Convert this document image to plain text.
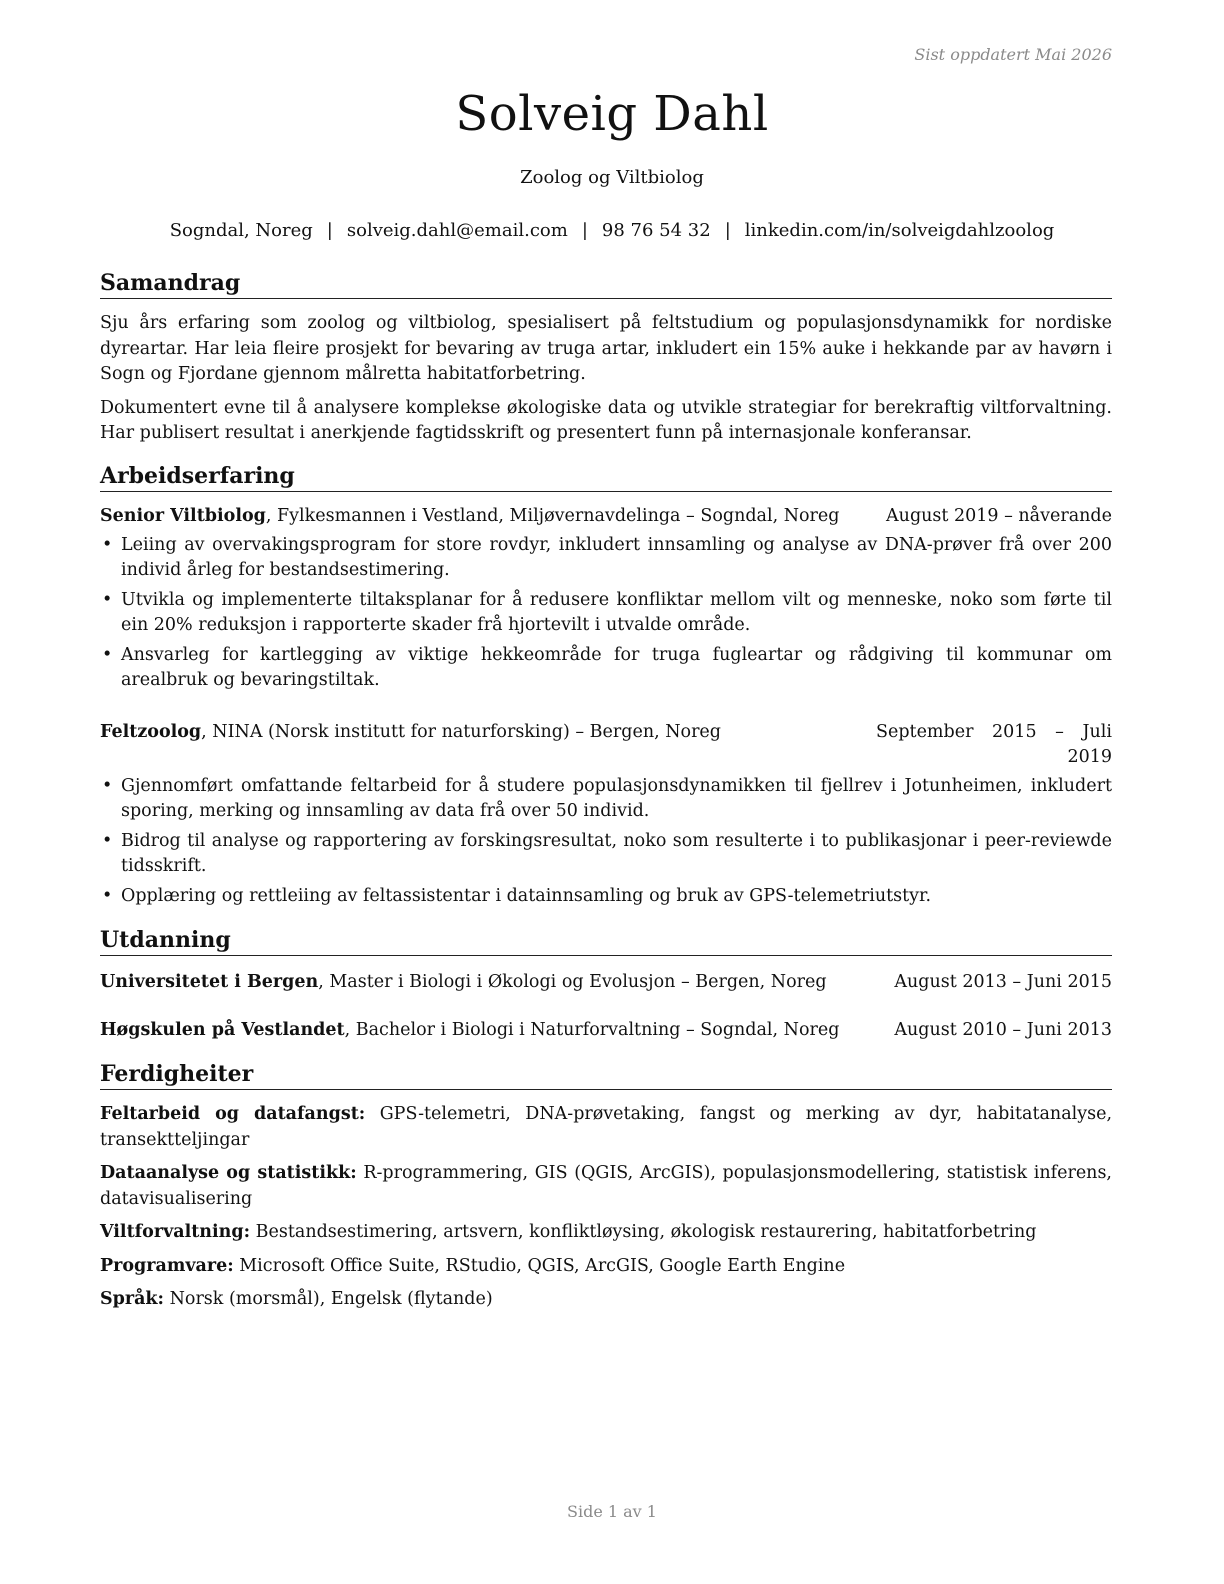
Sist oppdatert Mai 2026
Solveig Dahl
Zoolog og Viltbiolog
Sogndal, Noreg | solveig.dahl@email.com | 98 76 54 32 | linkedin.com/in/solveigdahlzoolog
Samandrag

Sju års erfaring som zoolog og viltbiolog, spesialisert på feltstudium og populasjonsdynamikk for nordiske dyreartar. Har leia fleire prosjekt for bevaring av truga artar, inkludert ein 15% auke i hekkande par av havørn i Sogn og Fjordane gjennom målretta habitatforbetring.

Dokumentert evne til å analysere komplekse økologiske data og utvikle strategiar for berekraftig viltforvaltning. Har publisert resultat i anerkjende fagtidsskrift og presentert funn på internasjonale konferansar.

Arbeidserfaring
Senior Viltbiolog, Fylkesmannen i Vestland, Miljøvernavdelinga – Sogndal, Noreg	August 2019 – nåverande
• Leiing av overvakingsprogram for store rovdyr, inkludert innsamling og analyse av DNA-prøver frå over 200 individ årleg for bestandsestimering.
• Utvikla og implementerte tiltaksplanar for å redusere konfliktar mellom vilt og menneske, noko som førte til ein 20% reduksjon i rapporterte skader frå hjortevilt i utvalde område.
• Ansvarleg for kartlegging av viktige hekkeområde for truga fugleartar og rådgiving til kommunar om arealbruk og bevaringstiltak.
Feltzoolog, NINA (Norsk institutt for naturforsking) – Bergen, Noreg	September 2015 – Juli 2019
• Gjennomført omfattande feltarbeid for å studere populasjonsdynamikken til fjellrev i Jotunheimen, inkludert sporing, merking og innsamling av data frå over 50 individ.
• Bidrog til analyse og rapportering av forskingsresultat, noko som resulterte i to publikasjonar i peer-reviewde tidsskrift.
• Opplæring og rettleiing av feltassistentar i datainnsamling og bruk av GPS-telemetriutstyr.
Utdanning
Universitetet i Bergen, Master i Biologi i Økologi og Evolusjon – Bergen, Noreg	August 2013 – Juni 2015
Høgskulen på Vestlandet, Bachelor i Biologi i Naturforvaltning – Sogndal, Noreg	August 2010 – Juni 2013
Ferdigheiter
Feltarbeid og datafangst: GPS-telemetri, DNA-prøvetaking, fangst og merking av dyr, habitatanalyse, transektteljingar
Dataanalyse og statistikk: R-programmering, GIS (QGIS, ArcGIS), populasjonsmodellering, statistisk inferens, datavisualisering
Viltforvaltning: Bestandsestimering, artsvern, konfliktløysing, økologisk restaurering, habitatforbetring
Programvare: Microsoft Office Suite, RStudio, QGIS, ArcGIS, Google Earth Engine
Språk: Norsk (morsmål), Engelsk (flytande)
Side 1 av 1
